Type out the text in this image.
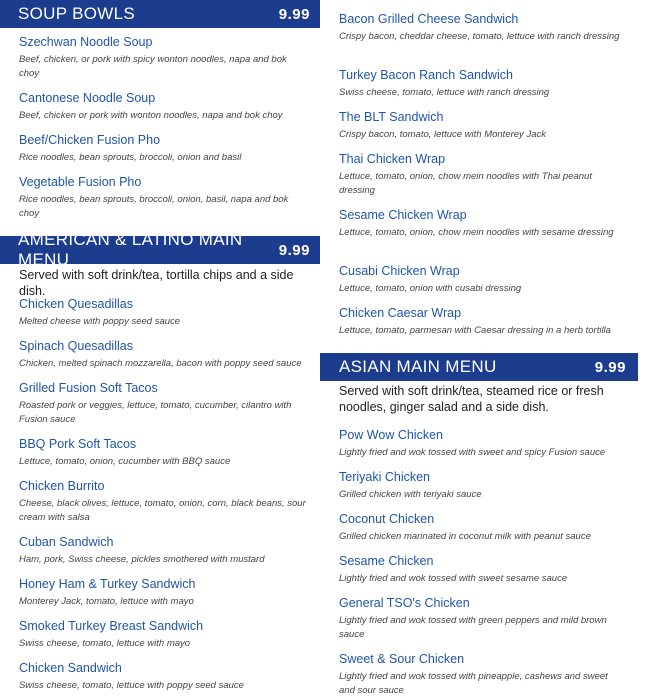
SOUP BOWLS	9.99
Szechwan Noodle Soup
Beef, chicken, or pork with spicy wonton noodles, napa and bok choy
Cantonese Noodle Soup
Beef, chicken or pork with wonton noodles, napa and bok choy
Beef/Chicken Fusion Pho
Rice noodles, bean sprouts, broccoli, onion and basil
Vegetable Fusion Pho
Rice noodles, bean sprouts, broccoli, onion, basil, napa and bok choy
AMERICAN & LATINO MAIN MENU	9.99
Served with soft drink/tea, tortilla chips and a side dish.
Chicken Quesadillas
Melted cheese with poppy seed sauce
Spinach Quesadillas
Chicken, melted spinach mozzarella, bacon with poppy seed sauce
Grilled Fusion Soft Tacos
Roasted pork or veggies, lettuce, tomato, cucumber, cilantro with Fusion sauce
BBQ Pork Soft Tacos
Lettuce, tomato, onion, cucumber with BBQ sauce
Chicken Burrito
Cheese, black olives, lettuce, tomato, onion, corn, black beans, sour cream with salsa
Cuban Sandwich
Ham, pork, Swiss cheese, pickles smothered with mustard
Honey Ham & Turkey Sandwich
Monterey Jack, tomato, lettuce with mayo
Smoked Turkey Breast Sandwich
Swiss cheese, tomato, lettuce with mayo
Chicken Sandwich
Swiss cheese, tomato, lettuce with poppy seed sauce
Bacon Grilled Cheese Sandwich
Crispy bacon, cheddar cheese, tomato, lettuce with ranch dressing
Turkey Bacon Ranch Sandwich
Swiss cheese, tomato, lettuce with ranch dressing
The BLT Sandwich
Crispy bacon, tomato, lettuce with Monterey Jack
Thai Chicken Wrap
Lettuce, tomato, onion, chow mein noodles with Thai peanut dressing
Sesame Chicken Wrap
Lettuce, tomato, onion, chow mein noodles with sesame dressing
Cusabi Chicken Wrap
Lettuce, tomato, onion with cusabi dressing
Chicken Caesar Wrap
Lettuce, tomato, parmesan with Caesar dressing in a herb tortilla
ASIAN MAIN MENU	9.99
Served with soft drink/tea, steamed rice or fresh noodles, ginger salad and a side dish.
Pow Wow Chicken
Lightly fried and wok tossed with sweet and spicy Fusion sauce
Teriyaki Chicken
Grilled chicken with teriyaki sauce
Coconut Chicken
Grilled chicken marinated in coconut milk with peanut sauce
Sesame Chicken
Lightly fried and wok tossed with sweet sesame sauce
General TSO's Chicken
Lightly fried and wok tossed with green peppers and mild brown sauce
Sweet & Sour Chicken
Lightly fried and wok tossed with pineapple, cashews and sweet and sour sauce
